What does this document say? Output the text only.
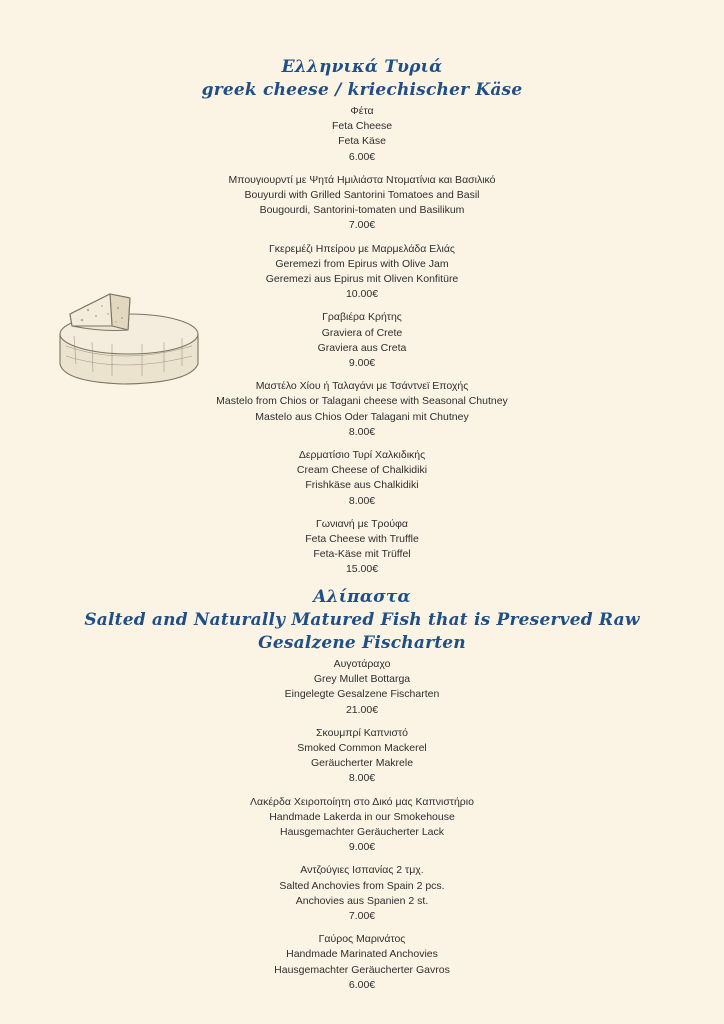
Ελληνικά Τυριά
greek cheese / kriechischer Käse
Φέτα
Feta Cheese
Feta Käse
6.00€
Μπουγιουρντί με Ψητά Ημιλιάστα Ντοματίνια και Βασιλικό
Bouyurdi with Grilled Santorini Tomatoes and Basil
Bougourdi, Santorini-tomaten und Basilikum
7.00€
Γκερεμέζι Ηπείρου με Μαρμελάδα Ελιάς
Geremezi from Epirus with Olive Jam
Geremezi aus Epirus mit Oliven Konfitüre
10.00€
Γραβιέρα Κρήτης
Graviera of Crete
Graviera aus Creta
9.00€
Μαστέλο Χίου ή Ταλαγάνι με Τσάντνεϊ Εποχής
Mastelo from Chios or Talagani cheese with Seasonal Chutney
Mastelo aus Chios Oder Talagani mit Chutney
8.00€
Δερματίσιο Τυρί Χαλκιδικής
Cream Cheese of Chalkidiki
Frishkäse aus Chalkidiki
8.00€
Γωνιανή με Τρούφα
Feta Cheese with Truffle
Feta-Käse mit Trüffel
15.00€
Αλίπαστα
Salted and Naturally Matured Fish that is Preserved Raw
Gesalzene Fischarten
Αυγοτάραχο
Grey Mullet Bottarga
Eingelegte Gesalzene Fischarten
21.00€
Σκουμπρί Καπνιστό
Smoked Common Mackerel
Geräucherter Makrele
8.00€
Λακέρδα Χειροποίητη στο Δικό μας Καπνιστήριο
Handmade Lakerda in our Smokehouse
Hausgemachter Geräucherter Lack
9.00€
Αντζούγιες Ισπανίας 2 τμχ.
Salted Anchovies from Spain 2 pcs.
Anchovies aus Spanien 2 st.
7.00€
Γαύρος Μαρινάτος
Handmade Marinated Anchovies
Hausgemachter Geräucherter Gavros
6.00€
